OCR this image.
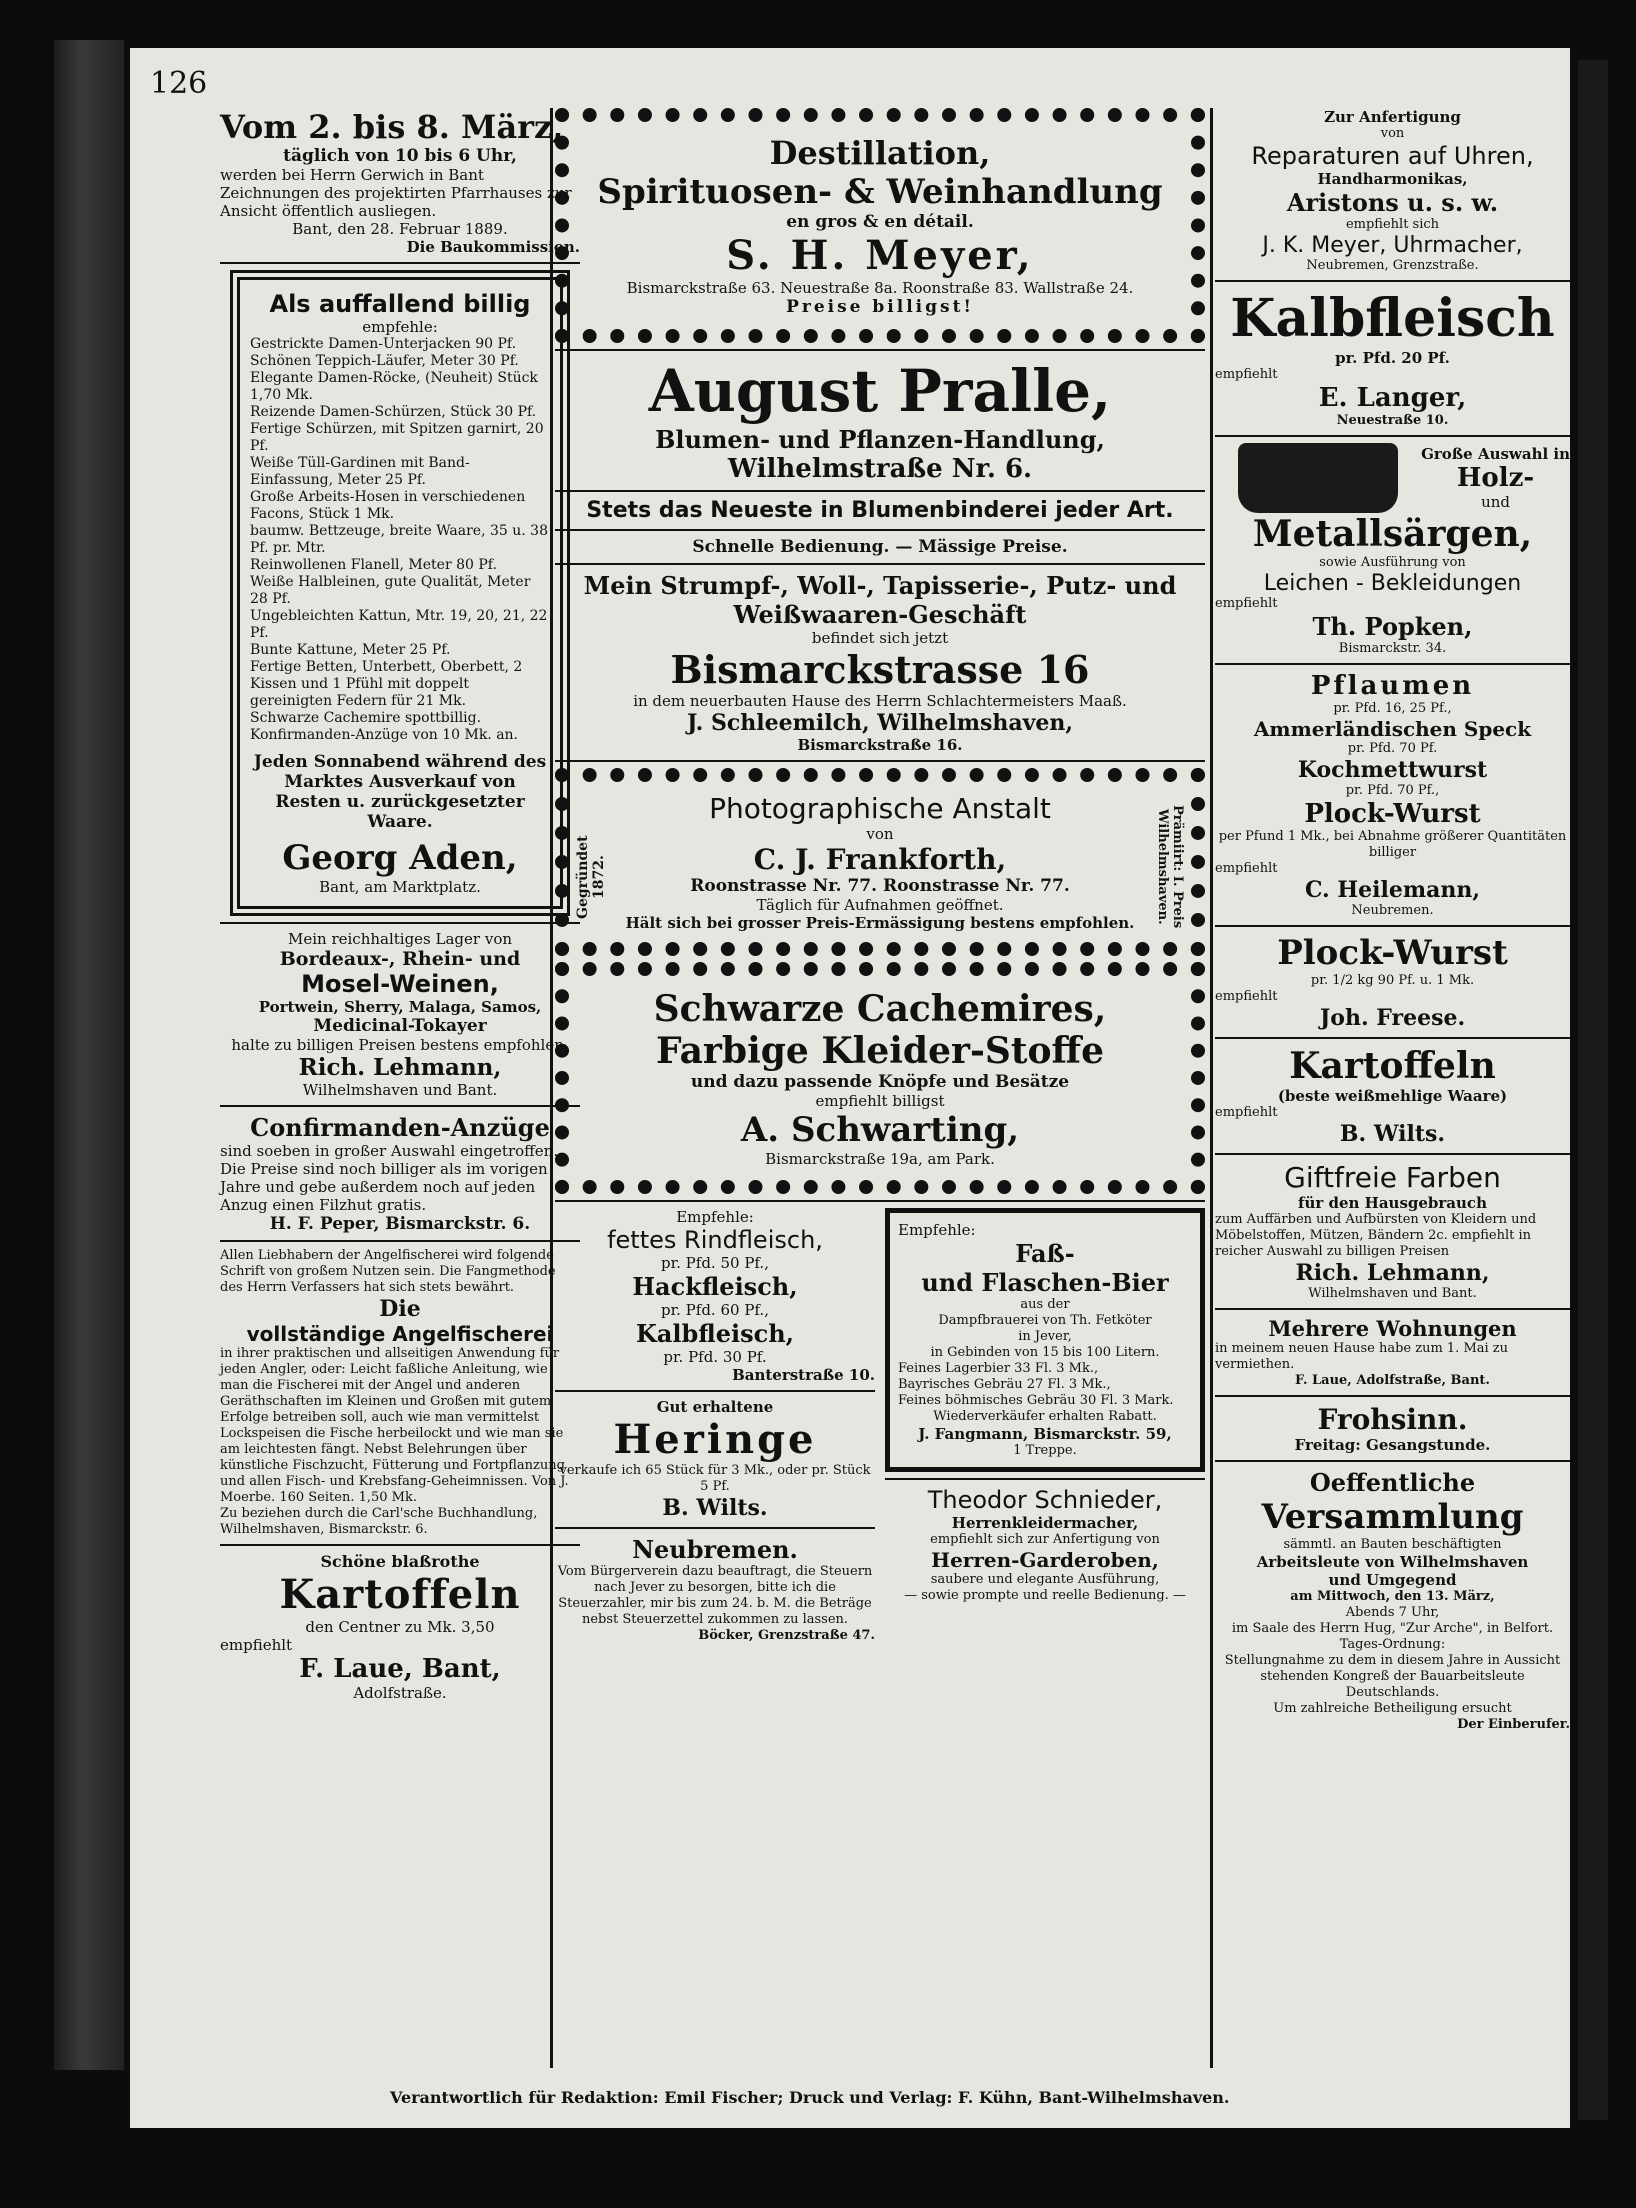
126

Vom 2. bis 8. März,

täglich von 10 bis 6 Uhr,

werden bei Herrn Gerwich in Bant Zeichnungen des projektirten Pfarrhauses zur Ansicht öffentlich ausliegen.

Bant, den 28. Februar 1889.

Die Baukommission.

Als auffallend billig

empfehle:

Gestrickte Damen-Unterjacken 90 Pf.

Schönen Teppich-Läufer, Meter 30 Pf.

Elegante Damen-Röcke, (Neuheit) Stück 1,70 Mk.

Reizende Damen-Schürzen, Stück 30 Pf.

Fertige Schürzen, mit Spitzen garnirt, 20 Pf.

Weiße Tüll-Gardinen mit Band-Einfassung, Meter 25 Pf.

Große Arbeits-Hosen in verschiedenen Facons, Stück 1 Mk.

baumw. Bettzeuge, breite Waare, 35 u. 38 Pf. pr. Mtr.

Reinwollenen Flanell, Meter 80 Pf.

Weiße Halbleinen, gute Qualität, Meter 28 Pf.

Ungebleichten Kattun, Mtr. 19, 20, 21, 22 Pf.

Bunte Kattune, Meter 25 Pf.

Fertige Betten, Unterbett, Oberbett, 2 Kissen und 1 Pfühl mit doppelt gereinigten Federn für 21 Mk.

Schwarze Cachemire spottbillig.

Konfirmanden-Anzüge von 10 Mk. an.

Jeden Sonnabend während des Marktes Ausverkauf von Resten u. zurückgesetzter Waare.

Georg Aden,

Bant, am Marktplatz.

Mein reichhaltiges Lager von

Bordeaux-, Rhein- und

Mosel-Weinen,

Portwein, Sherry, Malaga, Samos,

Medicinal-Tokayer

halte zu billigen Preisen bestens empfohlen.

Rich. Lehmann,

Wilhelmshaven und Bant.

Confirmanden-Anzüge

sind soeben in großer Auswahl eingetroffen. Die Preise sind noch billiger als im vorigen Jahre und gebe außerdem noch auf jeden Anzug einen Filzhut gratis.

H. F. Peper, Bismarckstr. 6.

Allen Liebhabern der Angelfischerei wird folgende Schrift von großem Nutzen sein. Die Fangmethode des Herrn Verfassers hat sich stets bewährt.

Die

vollständige Angelfischerei

in ihrer praktischen und allseitigen Anwendung für jeden Angler, oder: Leicht faßliche Anleitung, wie man die Fischerei mit der Angel und anderen Geräthschaften im Kleinen und Großen mit gutem Erfolge betreiben soll, auch wie man vermittelst Lockspeisen die Fische herbeilockt und wie man sie am leichtesten fängt. Nebst Belehrungen über künstliche Fischzucht, Fütterung und Fortpflanzung und allen Fisch- und Krebsfang-Geheimnissen. Von J. Moerbe. 160 Seiten. 1,50 Mk.

Zu beziehen durch die Carl'sche Buchhandlung, Wilhelmshaven, Bismarckstr. 6.

Schöne blaßrothe

Kartoffeln

den Centner zu Mk. 3,50

empfiehlt

F. Laue, Bant,

Adolfstraße.

Destillation,

Spirituosen- & Weinhandlung

en gros & en détail.

S. H. Meyer,

Bismarckstraße 63. Neuestraße 8a. Roonstraße 83. Wallstraße 24.

Preise billigst!

August Pralle,

Blumen- und Pflanzen-Handlung,

Wilhelmstraße Nr. 6.

Stets das Neueste in Blumenbinderei jeder Art.

Schnelle Bedienung. — Mässige Preise.

Mein Strumpf-, Woll-, Tapisserie-, Putz- und Weißwaaren-Geschäft

befindet sich jetzt

Bismarckstrasse 16

in dem neuerbauten Hause des Herrn Schlachtermeisters Maaß.

J. Schleemilch, Wilhelmshaven,

Bismarckstraße 16.

Gegründet 1872.	Prämiirt: I. Preis Wilhelmshaven.

Photographische Anstalt

von

C. J. Frankforth,

Roonstrasse Nr. 77. Roonstrasse Nr. 77.

Täglich für Aufnahmen geöffnet.

Hält sich bei grosser Preis-Ermässigung bestens empfohlen.

Schwarze Cachemires,

Farbige Kleider-Stoffe

und dazu passende Knöpfe und Besätze

empfiehlt billigst

A. Schwarting,

Bismarckstraße 19a, am Park.

Empfehle:

fettes Rindfleisch,

pr. Pfd. 50 Pf.,

Hackfleisch,

pr. Pfd. 60 Pf.,

Kalbfleisch,

pr. Pfd. 30 Pf.

Banterstraße 10.

Gut erhaltene

Heringe

verkaufe ich 65 Stück für 3 Mk., oder pr. Stück 5 Pf.

B. Wilts.

Neubremen.

Vom Bürgerverein dazu beauftragt, die Steuern nach Jever zu besorgen, bitte ich die Steuerzahler, mir bis zum 24. b. M. die Beträge nebst Steuerzettel zukommen zu lassen.

Böcker, Grenzstraße 47.

Empfehle:

Faß-

und Flaschen-Bier

aus der

Dampfbrauerei von Th. Fetköter

in Jever,

in Gebinden von 15 bis 100 Litern.

Feines Lagerbier 33 Fl. 3 Mk.,

Bayrisches Gebräu 27 Fl. 3 Mk.,

Feines böhmisches Gebräu 30 Fl. 3 Mark.

Wiederverkäufer erhalten Rabatt.

J. Fangmann, Bismarckstr. 59,

1 Treppe.

Theodor Schnieder,

Herrenkleidermacher,

empfiehlt sich zur Anfertigung von

Herren-Garderoben,

saubere und elegante Ausführung,

— sowie prompte und reelle Bedienung. —

Zur Anfertigung

von

Reparaturen auf Uhren,

Handharmonikas,

Aristons u. s. w.

empfiehlt sich

J. K. Meyer, Uhrmacher,

Neubremen, Grenzstraße.

Kalbfleisch

pr. Pfd. 20 Pf.

empfiehlt

E. Langer,

Neuestraße 10.

Große Auswahl in

Holz-

und

Metallsärgen,

sowie Ausführung von

Leichen - Bekleidungen

empfiehlt

Th. Popken,

Bismarckstr. 34.

Pflaumen

pr. Pfd. 16, 25 Pf.,

Ammerländischen Speck

pr. Pfd. 70 Pf.

Kochmettwurst

pr. Pfd. 70 Pf.,

Plock-Wurst

per Pfund 1 Mk., bei Abnahme größerer Quantitäten billiger

empfiehlt

C. Heilemann,

Neubremen.

Plock-Wurst

pr. 1/2 kg 90 Pf. u. 1 Mk.

empfiehlt

Joh. Freese.

Kartoffeln

(beste weißmehlige Waare)

empfiehlt

B. Wilts.

Giftfreie Farben

für den Hausgebrauch

zum Auffärben und Aufbürsten von Kleidern und Möbelstoffen, Mützen, Bändern 2c. empfiehlt in reicher Auswahl zu billigen Preisen

Rich. Lehmann,

Wilhelmshaven und Bant.

Mehrere Wohnungen

in meinem neuen Hause habe zum 1. Mai zu vermiethen.

F. Laue, Adolfstraße, Bant.

Frohsinn.

Freitag: Gesangstunde.

Oeffentliche

Versammlung

sämmtl. an Bauten beschäftigten

Arbeitsleute von Wilhelmshaven

und Umgegend

am Mittwoch, den 13. März,

Abends 7 Uhr,

im Saale des Herrn Hug, "Zur Arche", in Belfort.

Tages-Ordnung:

Stellungnahme zu dem in diesem Jahre in Aussicht stehenden Kongreß der Bauarbeitsleute Deutschlands.

Um zahlreiche Betheiligung ersucht

Der Einberufer.

Verantwortlich für Redaktion: Emil Fischer; Druck und Verlag: F. Kühn, Bant-Wilhelmshaven.
